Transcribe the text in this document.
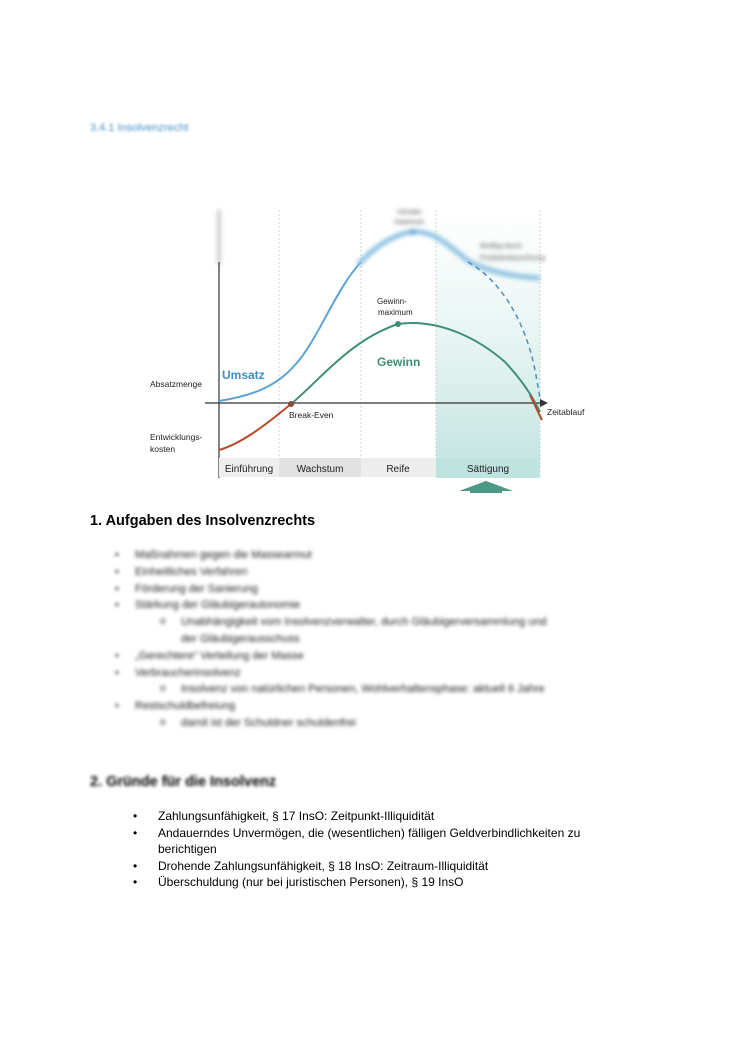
3.4.1 Insolvenzrecht
Absatzmenge
Entwicklungs-
kosten
Zeitablauf
Umsatz
Gewinn
Break-Even
Gewinn-
maximum
Umsatz-
maximum
Redlag durch
Produktrelaunchrung
Einführung Wachstum	Reife	Sättigung
1. Aufgaben des Insolvenzrechts
• Maßnahmen gegen die Massearmut
• Einheitliches Verfahren
• Förderung der Sanierung
• Stärkung der Gläubigerautonomie
o Unabhängigkeit vom Insolvenzverwalter, durch Gläubigerversammlung und
der Gläubigerausschuss
• „Gerechtere“ Verteilung der Masse
• Verbraucherinsolvenz
o Insolvenz von natürlichen Personen, Wohlverhaltensphase: aktuell 6 Jahre
• Restschuldbefreiung
o damit ist der Schuldner schuldenfrei
2. Gründe für die Insolvenz
• Zahlungsunfähigkeit, § 17 InsO: Zeitpunkt-Illiquidität
• Andauerndes Unvermögen, die (wesentlichen) fälligen Geldverbindlichkeiten zu
berichtigen
• Drohende Zahlungsunfähigkeit, § 18 InsO: Zeitraum-Illiquidität
• Überschuldung (nur bei juristischen Personen), § 19 InsO
